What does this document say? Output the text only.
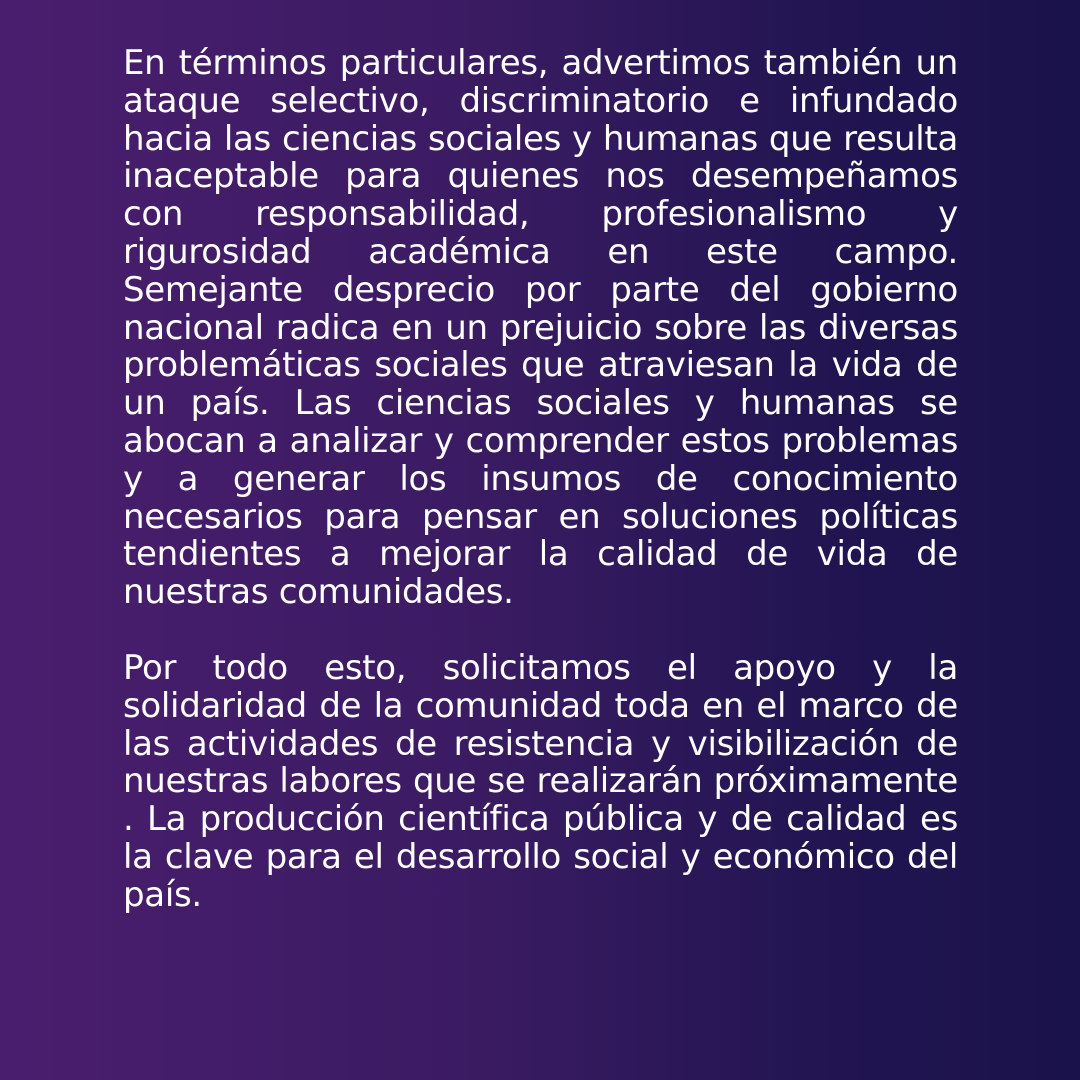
En términos particulares, advertimos también un ataque selectivo, discriminatorio e infundado hacia las ciencias sociales y humanas que resulta inaceptable para quienes nos desempeñamos con responsabilidad, profesionalismo y rigurosidad académica en este campo. Semejante desprecio por parte del gobierno nacional radica en un prejuicio sobre las diversas problemáticas sociales que atraviesan la vida de un país. Las ciencias sociales y humanas se abocan a analizar y comprender estos problemas y a generar los insumos de conocimiento necesarios para pensar en soluciones políticas tendientes a mejorar la calidad de vida de nuestras comunidades.

Por todo esto, solicitamos el apoyo y la solidaridad de la comunidad toda en el marco de las actividades de resistencia y visibilización de nuestras labores que se realizarán próximamente . La producción científica pública y de calidad es la clave para el desarrollo social y económico del país.
